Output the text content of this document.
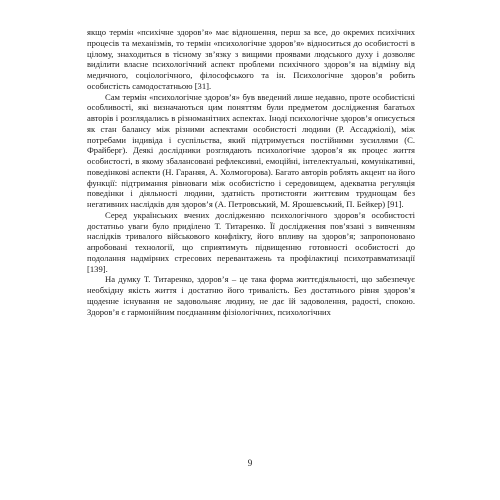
якщо термін «психічне здоров’я» має відношення, перш за все, до окремих психічних процесів та механізмів, то термін «психологічне здоров’я» відноситься до особистості в цілому, знаходиться в тісному зв’язку з вищими проявами людського духу і дозволяє виділити власне психологічний аспект проблеми психічного здоров’я на відміну від медичного, соціологічного, філософського та ін. Психологічне здоров’я робить особистість самодостатньою [31].

Сам термін «психологічне здоров’я» був введений лише недавно, проте особистісні особливості, які визначаються цим поняттям були предметом дослідження багатьох авторів і розглядались в різноманітних аспектах. Іноді психологічне здоров’я описується як стан балансу між різними аспектами особистості людини (Р. Ассаджіолі), між потребами індивіда і суспільства, який підтримується постійними зусиллями (С. Фрайберг). Деякі дослідники розглядають психологічне здоров’я як процес життя особистості, в якому збалансовані рефлексивні, емоційні, інтелектуальні, комунікативні, поведінкові аспекти (Н. Гараняя, А. Холмогорова). Багато авторів роблять акцент на його функції: підтримання рівноваги між особистістю і середовищем, адекватна регуляція поведінки і діяльності людини, здатність протистояти життєвим труднощам без негативних наслідків для здоров’я (А. Петровський, М. Ярошевський, П. Бейкер) [91].

Серед українських вчених дослідженню психологічного здоров’я особистості достатньо уваги було приділено Т. Титаренко. Її дослідження пов’язані з вивченням наслідків тривалого військового конфлікту, його впливу на здоров’я; запропоновано апробовані технології, що сприятимуть підвищенню готовності особистості до подолання надмірних стресових перевантажень та профілактиці психотравматизації [139].

На думку Т. Титаренко, здоров’я – це така форма життєдіяльності, що забезпечує необхідну якість життя і достатню його тривалість. Без достатнього рівня здоров’я щоденне існування не задовольняє людину, не дає їй задоволення, радості, спокою. Здоров’я є гармонійним поєднанням фізіологічних, психологічних

9
